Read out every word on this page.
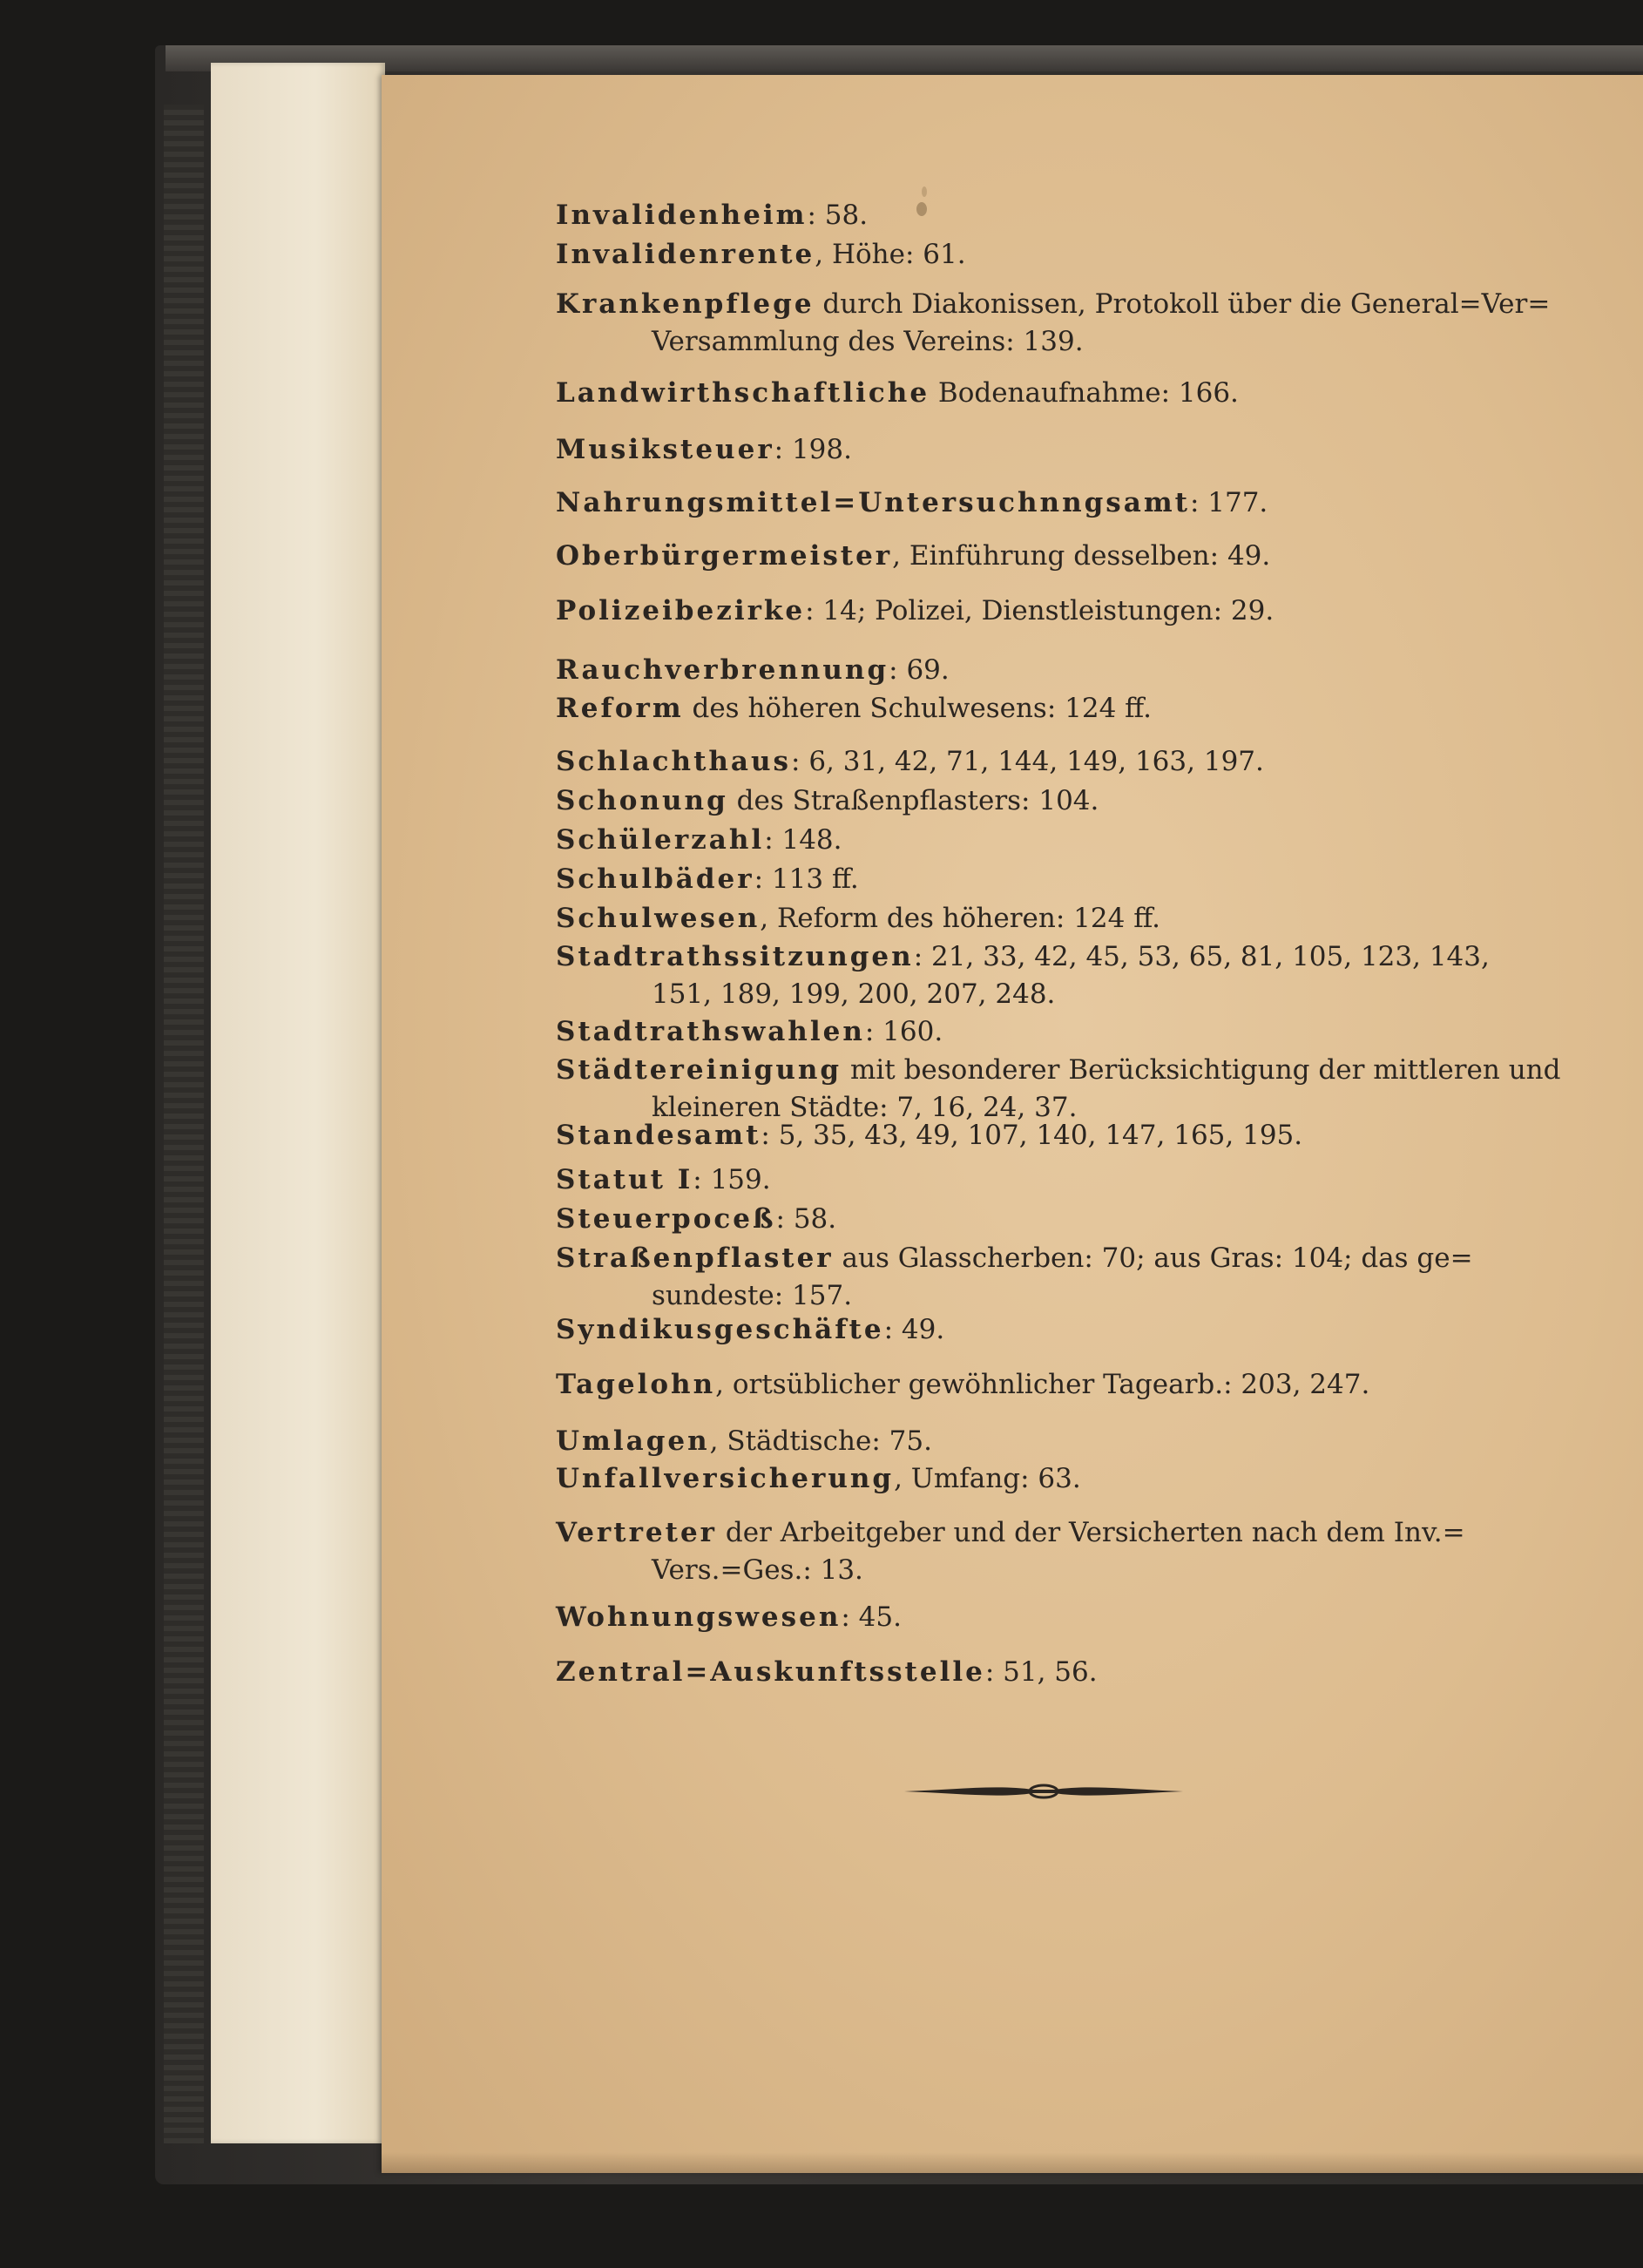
Invalidenheim: 58.
Invalidenrente, Höhe: 61.
Krankenpflege durch Diakonissen, Protokoll über die General=Ver=
Versammlung des Vereins: 139.
Landwirthschaftliche Bodenaufnahme: 166.
Musiksteuer: 198.
Nahrungsmittel=Untersuchnngsamt: 177.
Oberbürgermeister, Einführung desselben: 49.
Polizeibezirke: 14; Polizei, Dienstleistungen: 29.
Rauchverbrennung: 69.
Reform des höheren Schulwesens: 124 ff.
Schlachthaus: 6, 31, 42, 71, 144, 149, 163, 197.
Schonung des Straßenpflasters: 104.
Schülerzahl: 148.
Schulbäder: 113 ff.
Schulwesen, Reform des höheren: 124 ff.
Stadtrathssitzungen: 21, 33, 42, 45, 53, 65, 81, 105, 123, 143,
151, 189, 199, 200, 207, 248.
Stadtrathswahlen: 160.
Städtereinigung mit besonderer Berücksichtigung der mittleren und
kleineren Städte: 7, 16, 24, 37.
Standesamt: 5, 35, 43, 49, 107, 140, 147, 165, 195.
Statut I: 159.
Steuerpoceß: 58.
Straßenpflaster aus Glasscherben: 70; aus Gras: 104; das ge=
sundeste: 157.
Syndikusgeschäfte: 49.
Tagelohn, ortsüblicher gewöhnlicher Tagearb.: 203, 247.
Umlagen, Städtische: 75.
Unfallversicherung, Umfang: 63.
Vertreter der Arbeitgeber und der Versicherten nach dem Inv.=
Vers.=Ges.: 13.
Wohnungswesen: 45.
Zentral=Auskunftsstelle: 51, 56.
